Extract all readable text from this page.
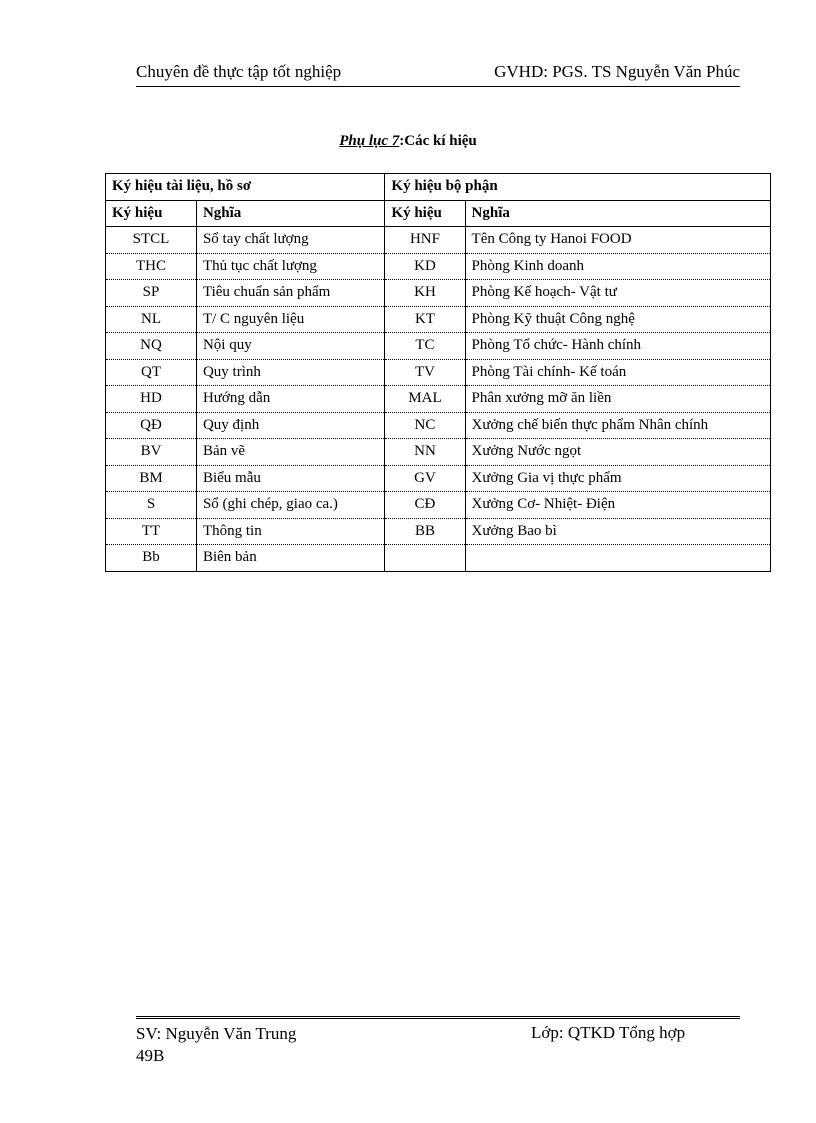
Chuyên đề thực tập tốt nghiệp	GVHD: PGS. TS Nguyễn Văn Phúc
Phụ lục 7:Các kí hiệu
Ký hiệu tài liệu, hồ sơ		Ký hiệu bộ phận	
Ký hiệu	Nghĩa	Ký hiệu	Nghĩa
STCL	Sổ tay chất lượng	HNF	Tên Công ty Hanoi FOOD
THC	Thủ tục chất lượng	KD	Phòng Kinh doanh
SP	Tiêu chuẩn sản phẩm	KH	Phòng Kế hoạch- Vật tư
NL	T/ C nguyên liệu	KT	Phòng Kỹ thuật Công nghệ
NQ	Nội quy	TC	Phòng Tổ chức- Hành chính
QT	Quy trình	TV	Phòng Tài chính- Kế toán
HD	Hướng dẫn	MAL	Phân xưởng mỡ ăn liền
QĐ	Quy định	NC	Xưởng chế biến thực phẩm Nhân chính
BV	Bản vẽ	NN	Xưởng Nước ngọt
BM	Biểu mẫu	GV	Xưởng Gia vị thực phẩm
S	Sổ (ghi chép, giao ca.)	CĐ	Xưởng Cơ- Nhiệt- Điện
TT	Thông tin	BB	Xưởng Bao bì
Bb	Biên bản		
SV: Nguyễn Văn Trung
49B
Lớp: QTKD Tổng hợp
